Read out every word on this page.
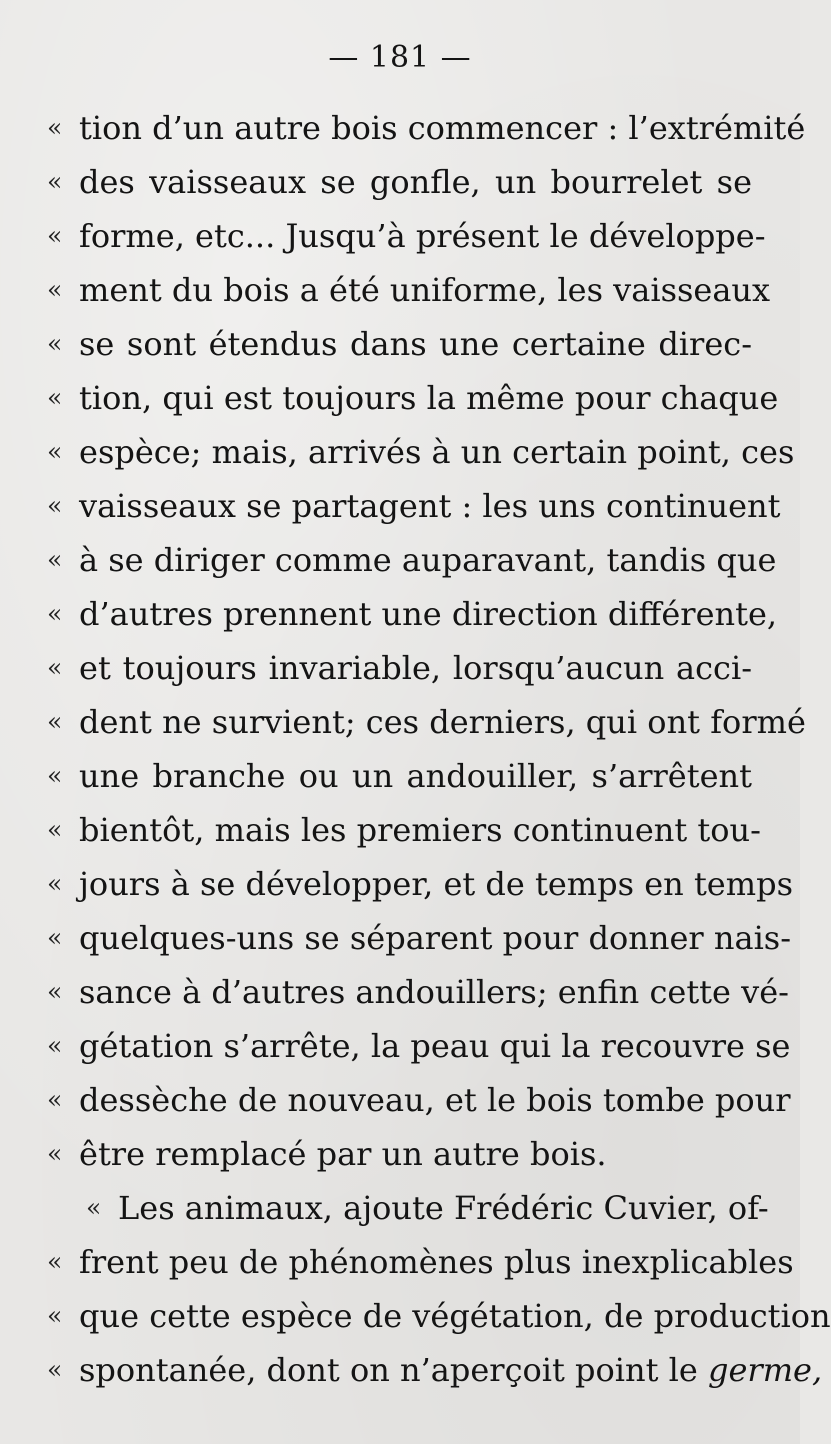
— 181 —
« tion d’un autre bois commencer : l’extrémité
« des vaisseaux se gonfle, un bourrelet se
« forme, etc... Jusqu’à présent le développe-
« ment du bois a été uniforme, les vaisseaux
« se sont étendus dans une certaine direc-
« tion, qui est toujours la même pour chaque
« espèce; mais, arrivés à un certain point, ces
« vaisseaux se partagent : les uns continuent
« à se diriger comme auparavant, tandis que
« d’autres prennent une direction différente,
« et toujours invariable, lorsqu’aucun acci-
« dent ne survient; ces derniers, qui ont formé
« une branche ou un andouiller, s’arrêtent
« bientôt, mais les premiers continuent tou-
« jours à se développer, et de temps en temps
« quelques-uns se séparent pour donner nais-
« sance à d’autres andouillers; enfin cette vé-
« gétation s’arrête, la peau qui la recouvre se
« dessèche de nouveau, et le bois tombe pour
« être remplacé par un autre bois.
« Les animaux, ajoute Frédéric Cuvier, of-
« frent peu de phénomènes plus inexplicables
« que cette espèce de végétation, de production
« spontanée, dont on n’aperçoit point le germe,
